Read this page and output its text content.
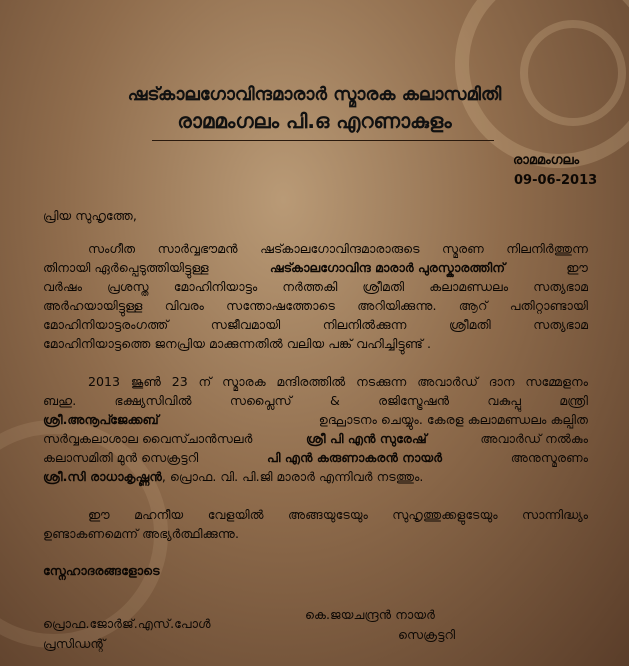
ഷട്കാലഗോവിന്ദമാരാർ സ്മാരക കലാസമിതി
രാമമംഗലം പി.ഒ എറണാകുളം
രാമമംഗലം
09-06-2013
പ്രിയ സുഹൃത്തേ,
സംഗീത സാർവ്വഭൗമൻ ഷട്കാലഗോവിന്ദമാരാരുടെ സ്മരണ നിലനിർത്തുന്ന
തിനായി ഏർപ്പെടുത്തിയിട്ടുള്ള	ഷട്കാലഗോവിന്ദ മാരാർ പുരസ്കാരത്തിന്	ഈ
വർഷം പ്രശസ്ത മോഹിനിയാട്ടം നർത്തകി ശ്രീമതി കലാമണ്ഡലം സത്യഭാമ
അർഹയായിട്ടുള്ള വിവരം സന്തോഷത്തോടെ അറിയിക്കുന്നു. ആറ് പതിറ്റാണ്ടായി
മോഹിനിയാട്ടരംഗത്ത് സജീവമായി നിലനിൽക്കുന്ന ശ്രീമതി സത്യഭാമ
മോഹിനിയാട്ടത്തെ ജനപ്രിയ മാക്കുന്നതിൽ വലിയ പങ്ക് വഹിച്ചിട്ടുണ്ട് .
2013 ജൂൺ 23 ന് സ്മാരക മന്ദിരത്തിൽ നടക്കുന്ന അവാർഡ് ദാന സമ്മേളനം
ബഹു. ഭക്ഷ്യസിവിൽ സപ്ലൈസ് & രജിസ്ട്രേഷൻ വകുപ്പു മന്ത്രി
ശ്രീ.അനൂപ്ജേക്കബ്	ഉദ്ഘാടനം ചെയ്യും. കേരള കലാമണ്ഡലം കല്പിത
സർവ്വകലാശാല വൈസ്ചാൻസലർ	ശ്രീ പി എൻ സുരേഷ്	അവാർഡ് നൽകും
കലാസമിതി മുൻ സെക്രട്ടറി	പി എൻ കരുണാകരൻ നായർ	അനുസ്മരണം
ശ്രീ.സി രാധാകൃഷ്ണൻ, പ്രൊഫ. വി. പി.ജി മാരാർ എന്നിവർ നടത്തും.
ഈ മഹനീയ വേളയിൽ അങ്ങയുടേയും സുഹൃത്തുക്കളുടേയും സാന്നിദ്ധ്യം
ഉണ്ടാകണമെന്ന് അഭ്യർത്ഥിക്കുന്നു.
സ്നേഹാദരങ്ങളോടെ
പ്രൊഫ.ജോർജ്.എസ്.പോൾ
പ്രസിഡന്റ്
കെ.ജയചന്ദ്രൻ നായർ
സെക്രട്ടറി
